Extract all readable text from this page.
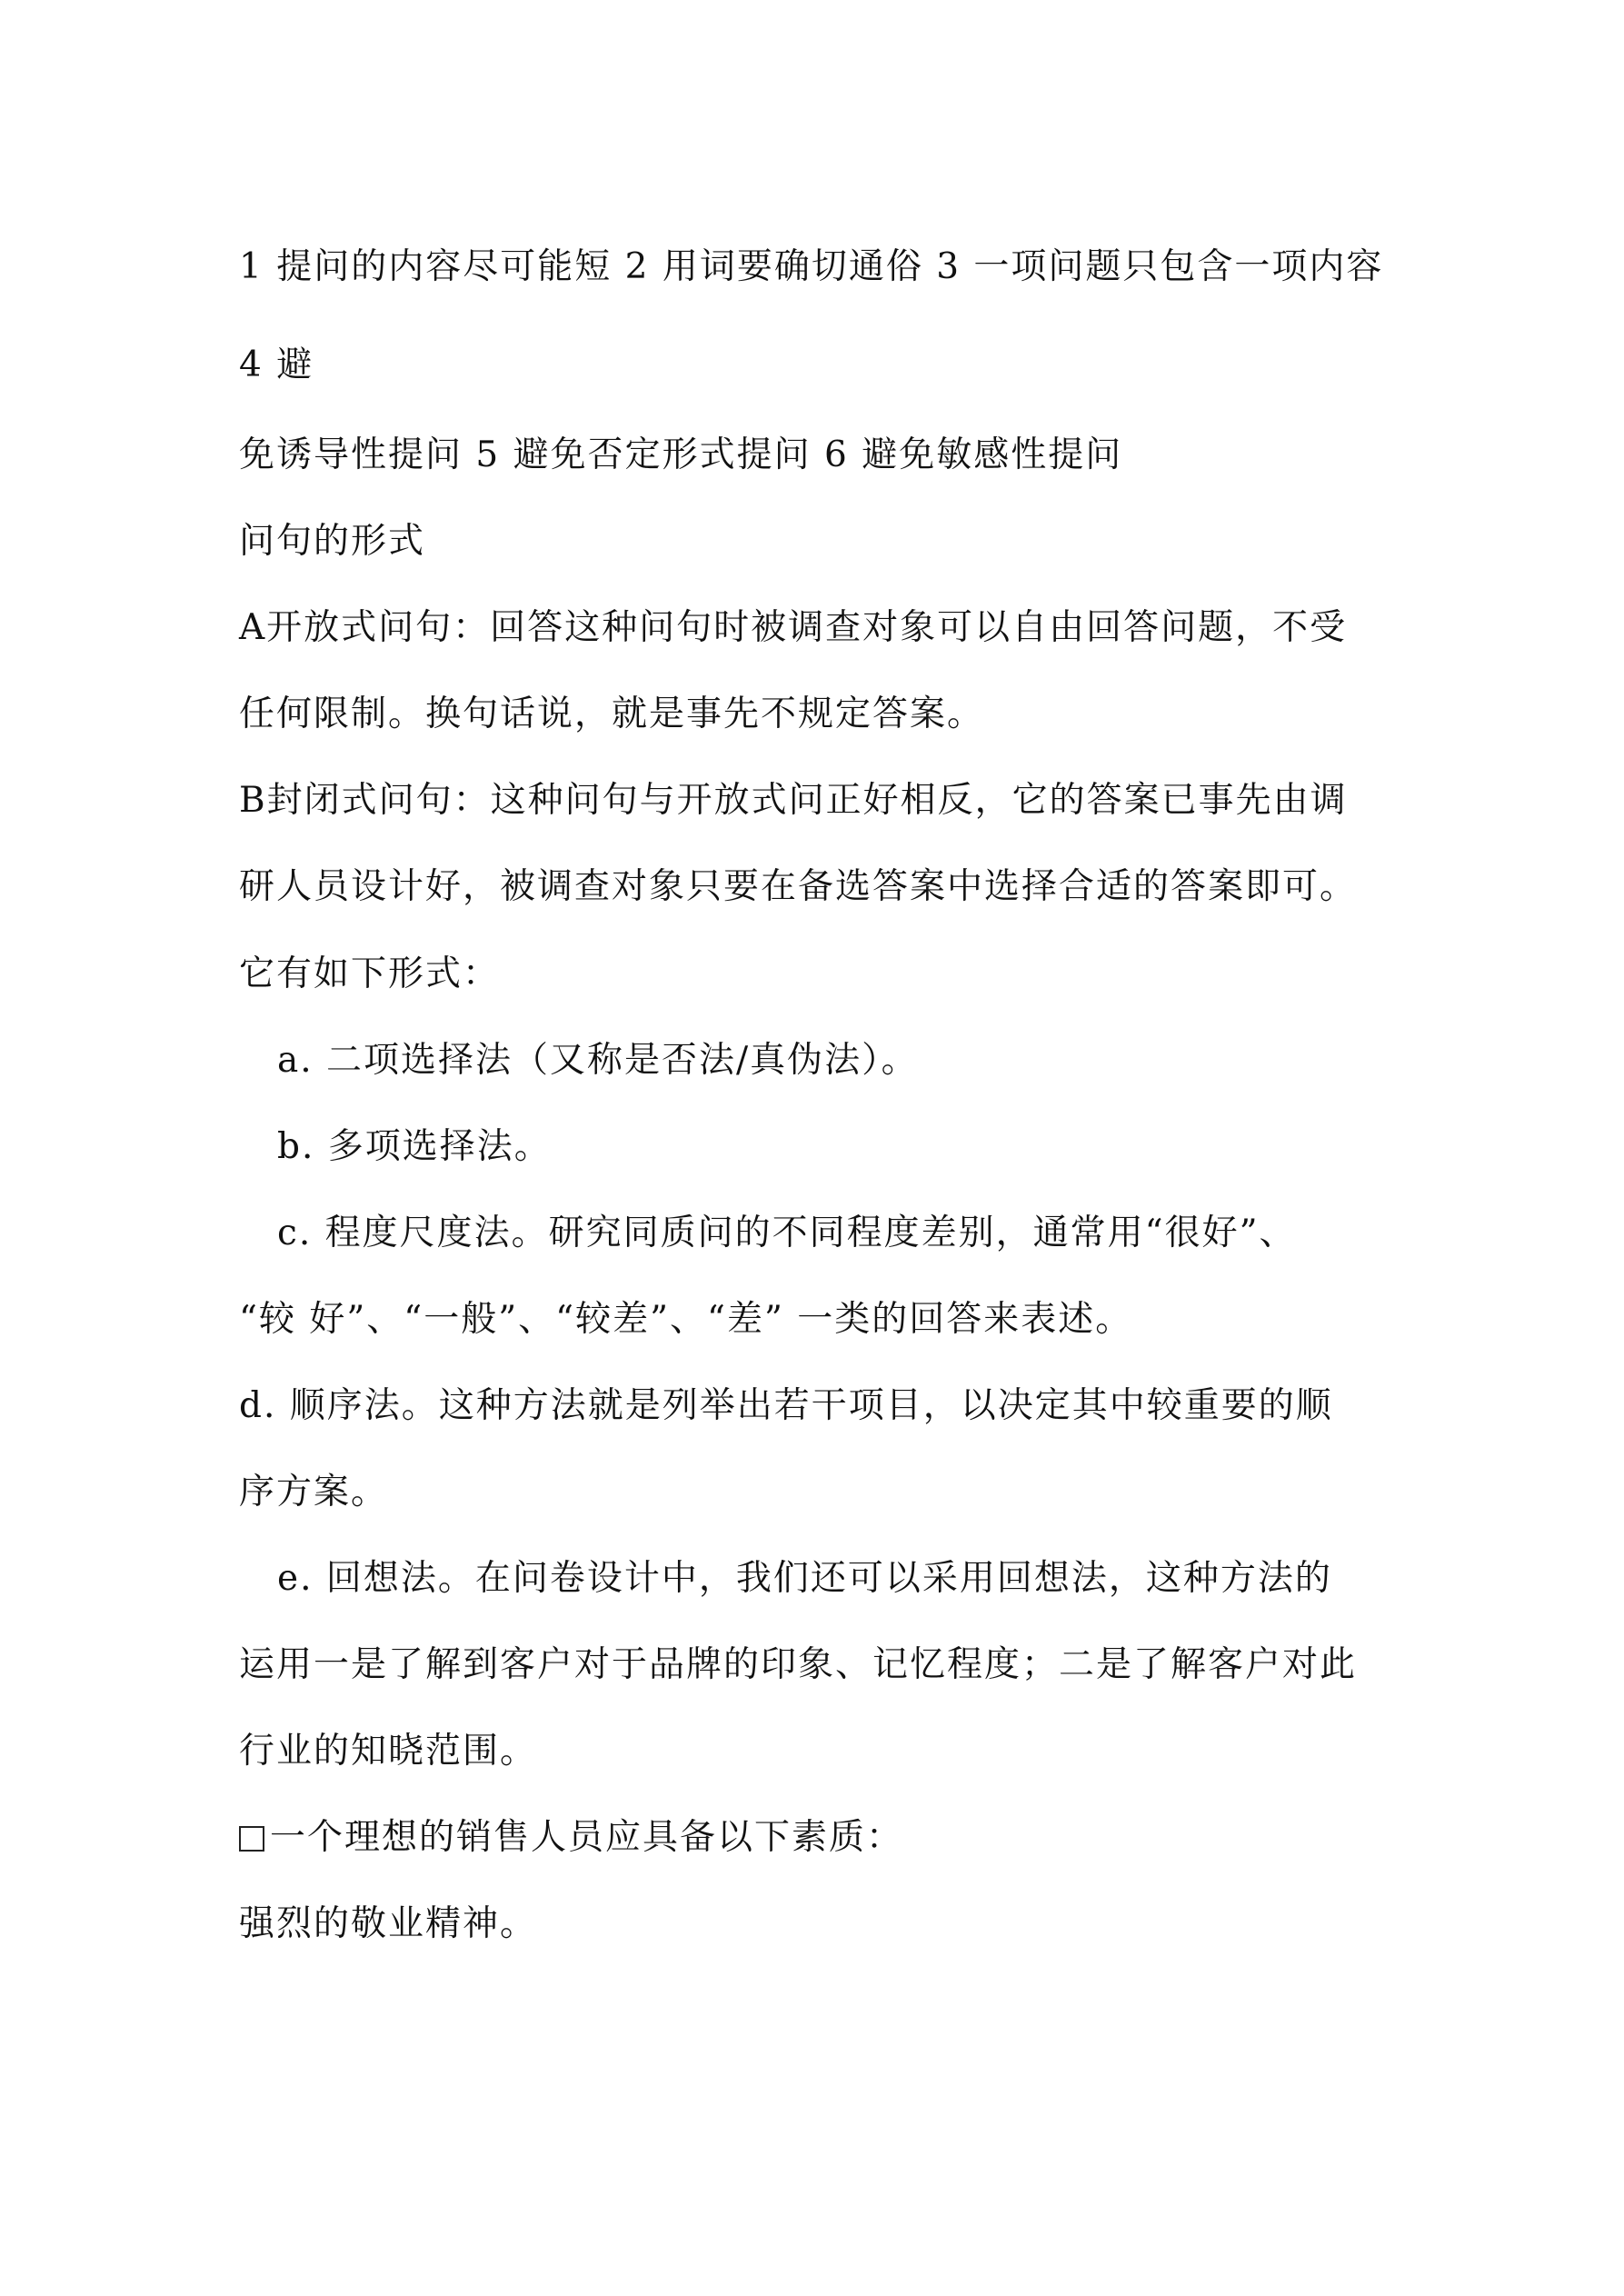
1 提问的内容尽可能短 2 用词要确切通俗 3 一项问题只包含一项内容
4 避
免诱导性提问 5 避免否定形式提问 6 避免敏感性提问
问句的形式
A开放式问句：回答这种问句时被调查对象可以自由回答问题，不受
任何限制。换句话说，就是事先不规定答案。
B封闭式问句：这种问句与开放式问正好相反，它的答案已事先由调
研人员设计好，被调查对象只要在备选答案中选择合适的答案即可。
它有如下形式：
a. 二项选择法（又称是否法/真伪法）。
b. 多项选择法。
c. 程度尺度法。研究同质问的不同程度差别，通常用“很好”、
“较 好”、“一般”、“较差”、“差” 一类的回答来表述。
d. 顺序法。这种方法就是列举出若干项目，以决定其中较重要的顺
序方案。
e. 回想法。在问卷设计中，我们还可以采用回想法，这种方法的
运用一是了解到客户对于品牌的印象、记忆程度；二是了解客户对此
行业的知晓范围。
一个理想的销售人员应具备以下素质：
强烈的敬业精神。
